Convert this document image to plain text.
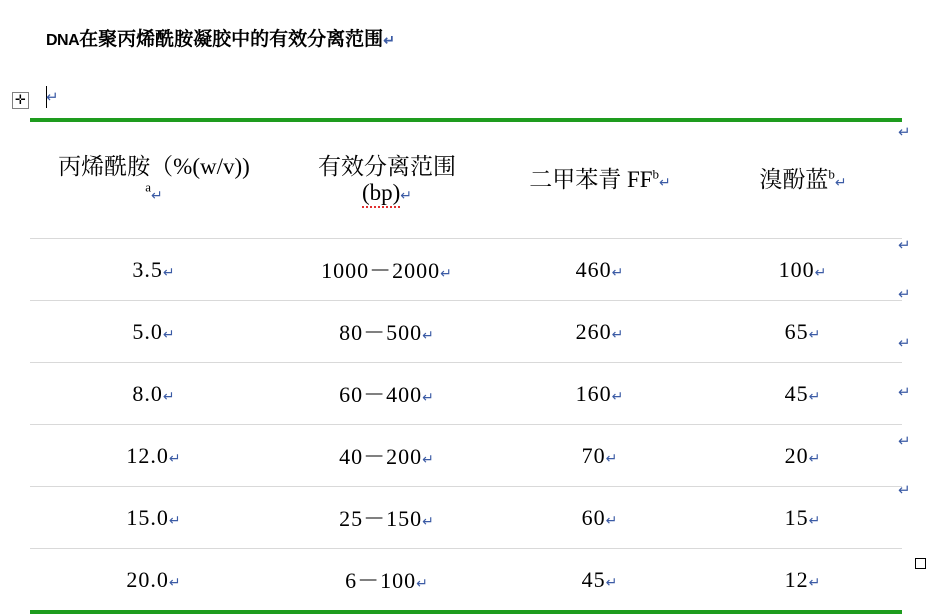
DNA在聚丙烯酰胺凝胶中的有效分离范围↵
✛ ↵
丙烯酰胺（%(w/v))
$^a$↵	有效分离范围
(bp)↵	二甲苯青 $FF^b↵$	溴酚蓝$^b$↵
3.5↵	1000－2000↵	460↵	100↵
5.0↵	80－500↵	260↵	65↵
8.0↵	60－400↵	160↵	45↵
12.0↵	40－200↵	70↵	20↵
15.0↵	25－150↵	60↵	15↵
20.0↵	6－100↵	45↵	12↵
↵
↵
↵
↵
↵
↵
↵
